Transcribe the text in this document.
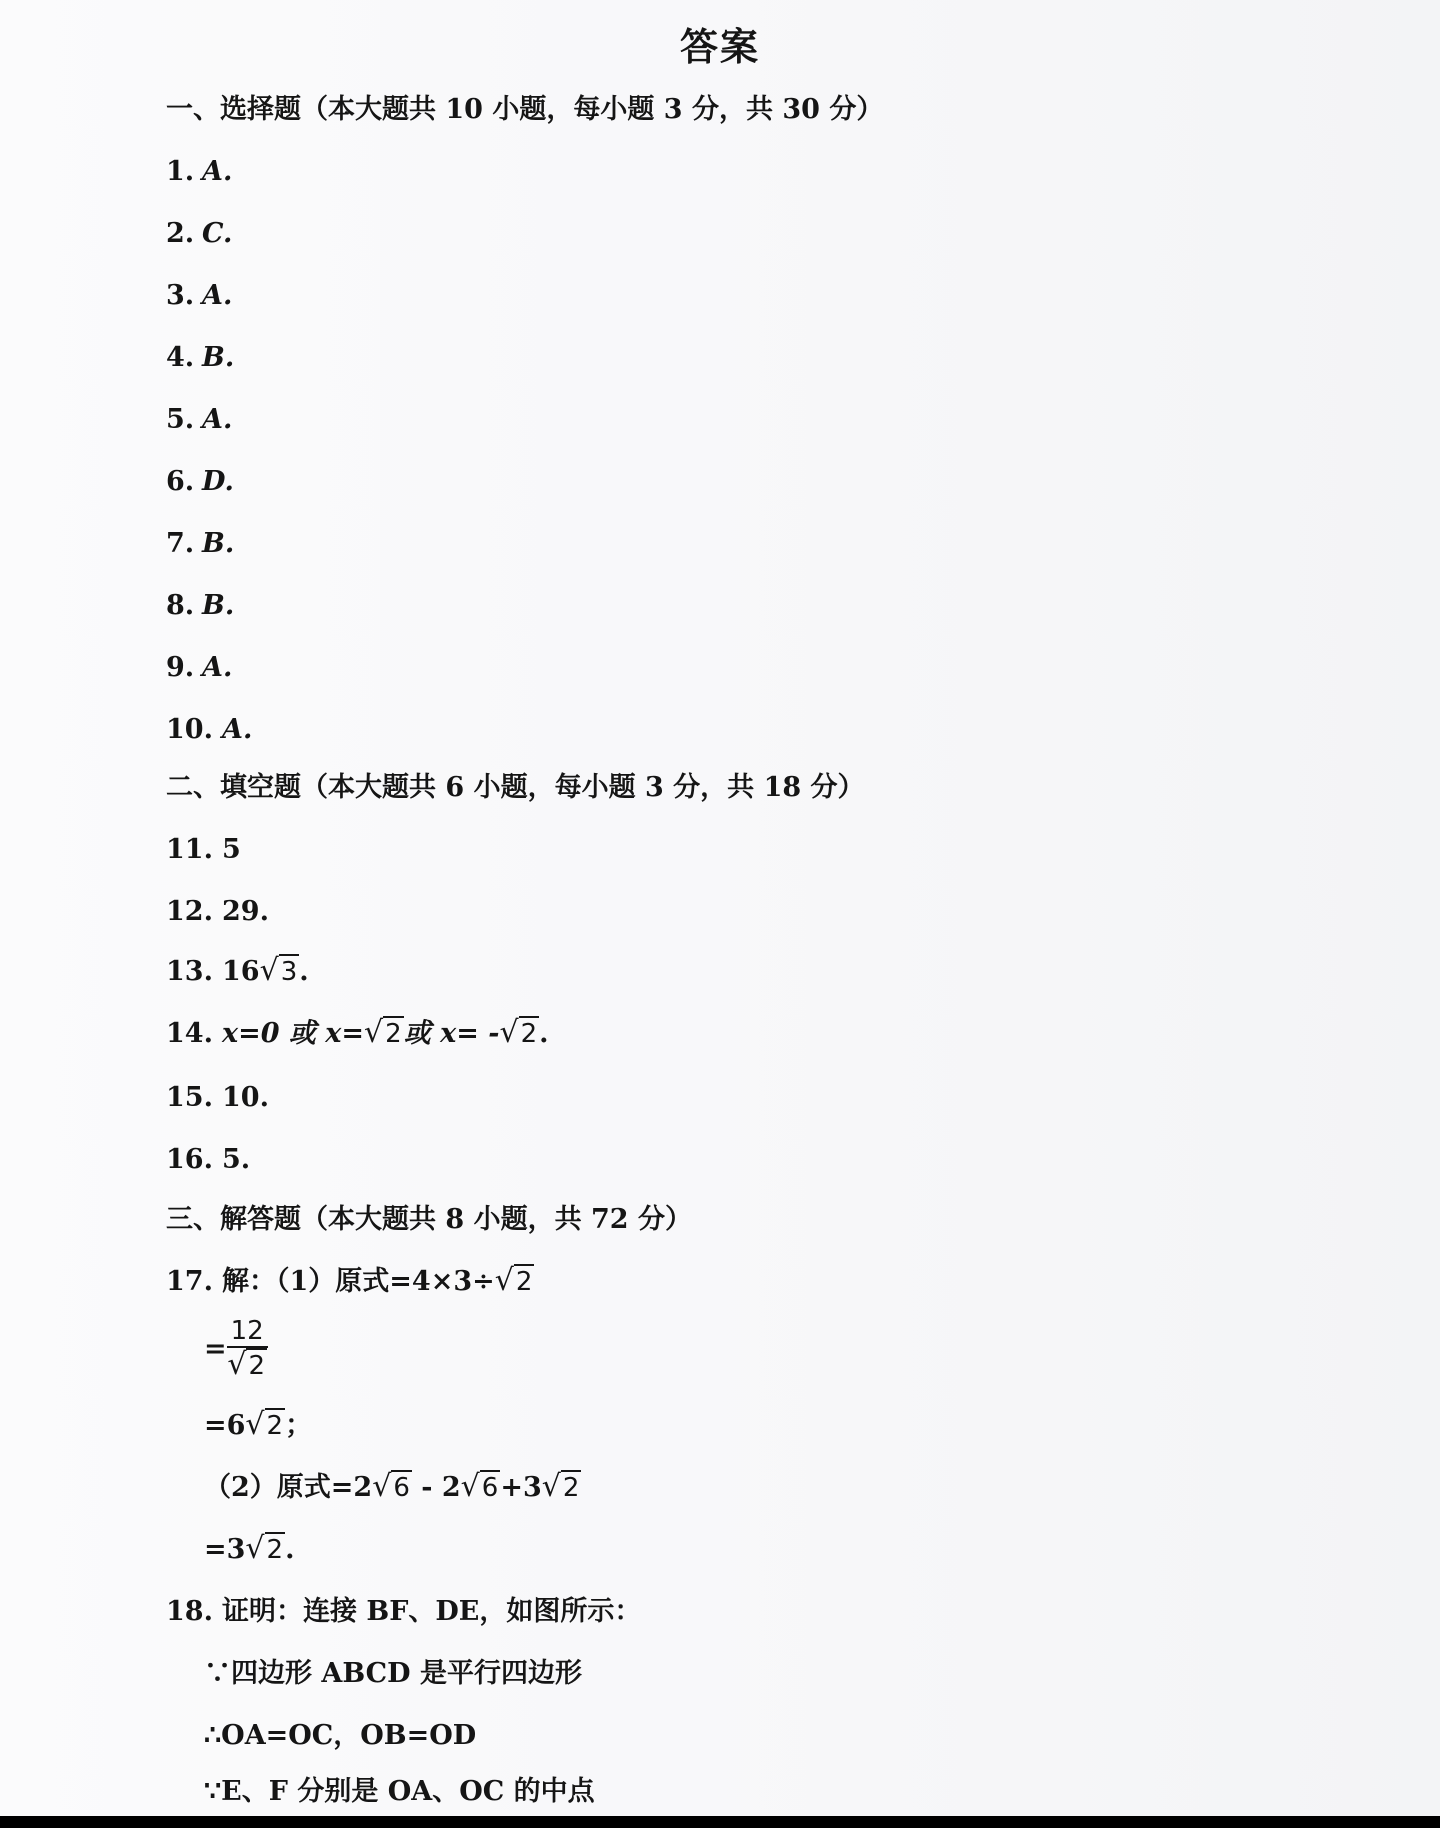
答案
一、选择题（本大题共 10 小题，每小题 3 分，共 30 分）
1. A.
2. C.
3. A.
4. B.
5. A.
6. D.
7. B.
8. B.
9. A.
10. A.
二、填空题（本大题共 6 小题，每小题 3 分，共 18 分）
11. 5
12. 29.
13. 16 √ 3 .
14. x=0 或 x= √ 2 或 x= - √ 2 .
15. 10.
16. 5.
三、解答题（本大题共 8 小题，共 72 分）
17. 解：（1）原式=4×3÷ √ 2
= $\frac{12}{√ 2}$
=6 √ 2 ；
（2）原式=2 √ 6 - 2 √ 6 +3 √ 2
=3 √ 2 .
18. 证明：连接 BF、DE，如图所示：
∵四边形 ABCD 是平行四边形
∴OA=OC，OB=OD
∵E、F 分别是 OA、OC 的中点
